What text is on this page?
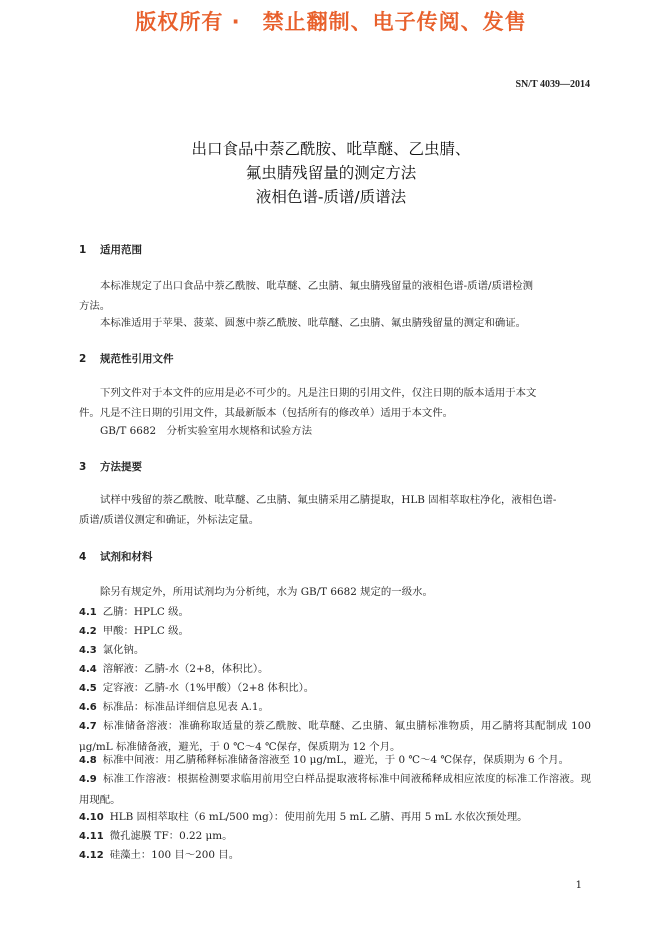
版权所有 ·　禁止翻制、电子传阅、发售
SN/T 4039—2014
出口食品中萘乙酰胺、吡草醚、乙虫腈、
氟虫腈残留量的测定方法
液相色谱-质谱/质谱法
1 适用范围
本标准规定了出口食品中萘乙酰胺、吡草醚、乙虫腈、氟虫腈残留量的液相色谱-质谱/质谱检测
方法。
本标准适用于苹果、菠菜、圆葱中萘乙酰胺、吡草醚、乙虫腈、氟虫腈残留量的测定和确证。
2 规范性引用文件
下列文件对于本文件的应用是必不可少的。凡是注日期的引用文件，仅注日期的版本适用于本文
件。凡是不注日期的引用文件，其最新版本（包括所有的修改单）适用于本文件。
GB/T 6682　分析实验室用水规格和试验方法
3 方法提要
试样中残留的萘乙酰胺、吡草醚、乙虫腈、氟虫腈采用乙腈提取，HLB 固相萃取柱净化，液相色谱-
质谱/质谱仪测定和确证，外标法定量。
4 试剂和材料
除另有规定外，所用试剂均为分析纯，水为 GB/T 6682 规定的一级水。
4.1 乙腈：HPLC 级。
4.2 甲酸：HPLC 级。
4.3 氯化钠。
4.4 溶解液：乙腈-水（2+8，体积比）。
4.5 定容液：乙腈-水（1%甲酸）（2+8 体积比）。
4.6 标准品：标准品详细信息见表 A.1。
4.7 标准储备溶液：准确称取适量的萘乙酰胺、吡草醚、乙虫腈、氟虫腈标准物质，用乙腈将其配制成 100 μg/mL 标准储备液，避光，于 0 ℃～4 ℃保存，保质期为 12 个月。
4.8 标准中间液：用乙腈稀释标准储备溶液至 10 μg/mL，避光，于 0 ℃～4 ℃保存，保质期为 6 个月。
4.9 标准工作溶液：根据检测要求临用前用空白样品提取液将标准中间液稀释成相应浓度的标准工作溶液。现用现配。
4.10 HLB 固相萃取柱（6 mL/500 mg）：使用前先用 5 mL 乙腈、再用 5 mL 水依次预处理。
4.11 微孔滤膜 TF：0.22 μm。
4.12 硅藻土：100 目～200 目。
1
